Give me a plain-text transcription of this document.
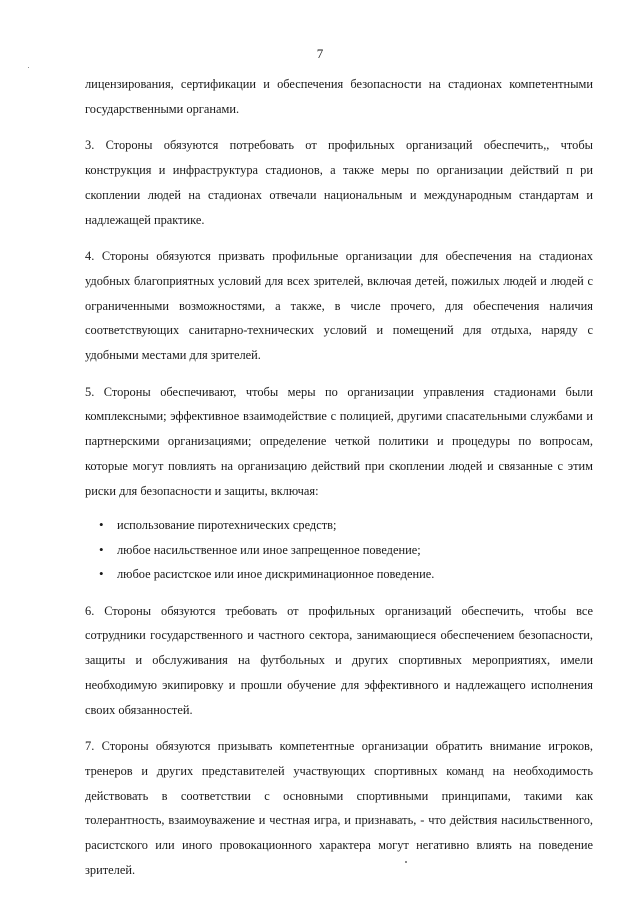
7

лицензирования, сертификации и обеспечения безопасности на стадионах компетентными государственными органами.

3. Стороны обязуются потребовать от профильных организаций обеспечить,, чтобы конструкция и инфраструктура стадионов, а также меры по организации действий п ри скоплении людей на стадионах отвечали национальным и международным стандартам и надлежащей практике.

4. Стороны обязуются призвать профильные организации для обеспечения на стадионах удобных благоприятных условий для всех зрителей, включая детей, пожилых людей и людей с ограниченными возможностями, а также, в числе прочего, для обеспечения наличия соответствующих санитарно-технических условий и помещений для отдыха, наряду с удобными местами для зрителей.

5. Стороны обеспечивают, чтобы меры по организации управления стадионами были комплексными; эффективное взаимодействие с полицией, другими спасательными службами и партнерскими организациями; определение четкой политики и процедуры по вопросам, которые могут повлиять на организацию действий при скоплении людей и связанные с этим риски для безопасности и защиты, включая:

• использование пиротехнических средств;
• любое насильственное или иное запрещенное поведение;
• любое расистское или иное дискриминационное поведение.

6. Стороны обязуются требовать от профильных организаций обеспечить, чтобы все сотрудники государственного и частного сектора, занимающиеся обеспечением безопасности, защиты и обслуживания на футбольных и других спортивных мероприятиях, имели необходимую экипировку и прошли обучение для эффективного и надлежащего исполнения своих обязанностей.

7. Стороны обязуются призывать компетентные организации обратить внимание игроков, тренеров и других представителей участвующих спортивных команд на необходимость действовать в соответствии с основными спортивными принципами, такими как толерантность, взаимоуважение и честная игра, и признавать, - что действия насильственного, расистского или иного провокационного характера могут негативно влиять на поведение зрителей.
